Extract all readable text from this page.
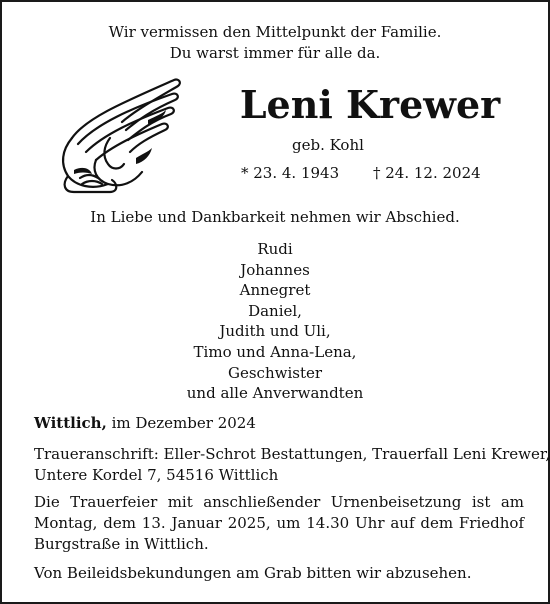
Wir vermissen den Mittelpunkt der Familie.
Du warst immer für alle da.
Leni Krewer
geb. Kohl
* 23. 4. 1943 † 24. 12. 2024
In Liebe und Dankbarkeit nehmen wir Abschied.
Rudi
Johannes
Annegret
Daniel,
Judith und Uli,
Timo und Anna-Lena,
Geschwister
und alle Anverwandten
Wittlich, im Dezember 2024
Traueranschrift: Eller-Schrot Bestattungen, Trauerfall Leni Krewer,
Untere Kordel 7, 54516 Wittlich
Die Trauerfeier mit anschließender Urnenbeisetzung ist am
Montag, dem 13. Januar 2025, um 14.30 Uhr auf dem Friedhof
Burgstraße in Wittlich.
Von Beileidsbekundungen am Grab bitten wir abzusehen.
